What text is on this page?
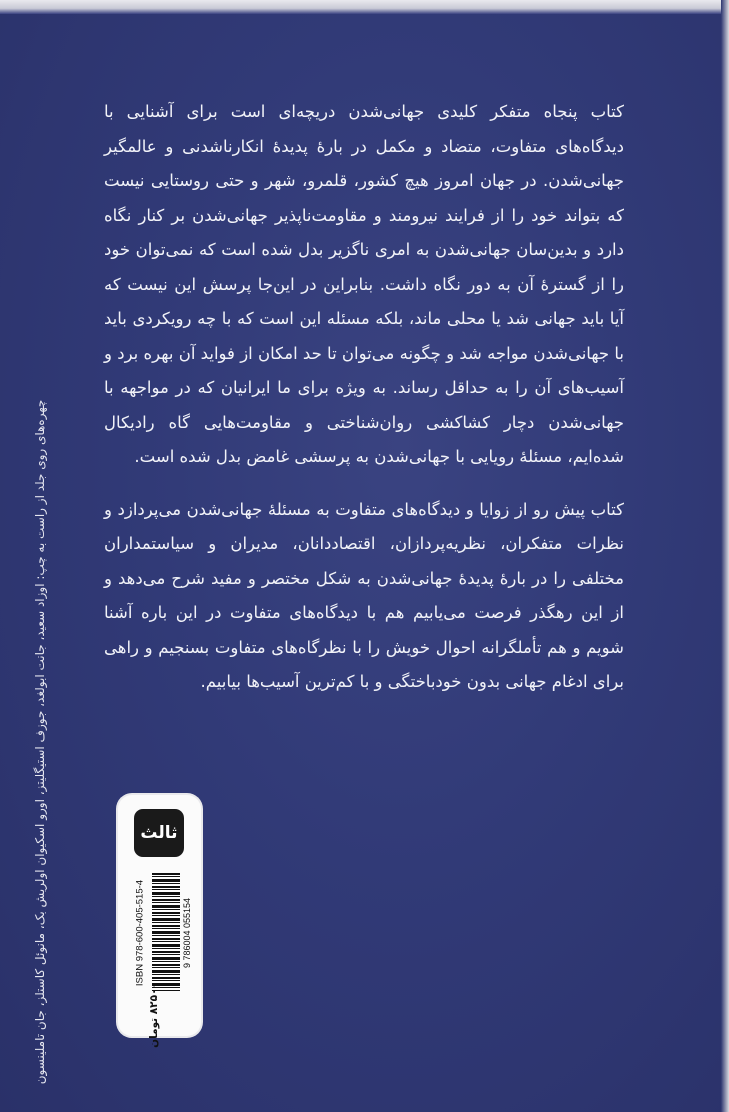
کتاب پنجاه متفکر کلیدی جهانی‌شدن دریچه‌ای است برای آشنایی با دیدگاه‌های متفاوت، متضاد و مکمل در بارهٔ پدیدهٔ انکارناشدنی و عالمگیر جهانی‌شدن. در جهان امروز هیچ کشور، قلمرو، شهر و حتی روستایی نیست که بتواند خود را از فرایند نیرومند و مقاومت‌ناپذیر جهانی‌شدن بر کنار نگاه دارد و بدین‌سان جهانی‌شدن به امری ناگزیر بدل شده است که نمی‌توان خود را از گسترهٔ آن به دور نگاه داشت. بنابراین در این‌جا پرسش این نیست که آیا باید جهانی شد یا محلی ماند، بلکه مسئله این است که با چه رویکردی باید با جهانی‌شدن مواجه شد و چگونه می‌توان تا حد امکان از فواید آن بهره برد و آسیب‌های آن را به حداقل رساند. به ویژه برای ما ایرانیان که در مواجهه با جهانی‌شدن دچار کشاکشی روان‌شناختی و مقاومت‌هایی گاه رادیکال شده‌ایم، مسئلهٔ رویایی با جهانی‌شدن به پرسشی غامض بدل شده است.

کتاب پیش رو از زوایا و دیدگاه‌های متفاوت به مسئلهٔ جهانی‌شدن می‌پردازد و نظرات متفکران، نظریه‌پردازان، اقتصاددانان، مدیران و سیاستمداران مختلفی را در بارهٔ پدیدهٔ جهانی‌شدن به شکل مختصر و مفید شرح می‌دهد و از این رهگذر فرصت می‌یابیم هم با دیدگاه‌های متفاوت در این باره آشنا شویم و هم تأملگرانه احوال خویش را با نظرگاه‌های متفاوت بسنجیم و راهی برای ادغام جهانی بدون خودباختگی و با کم‌ترین آسیب‌ها بیابیم.

چهره‌های روی جلد از راست به چپ: اوزاد سعید، جانت ابولغد، جوزف استیگلیتز، اورو اسکیوان اولریش بک، مانوئل کاستلز، جان تاملینسون	ثالث
ISBN 978-600-405-515-4	9 786004 055154
۸۲۵۰۰ تومان
